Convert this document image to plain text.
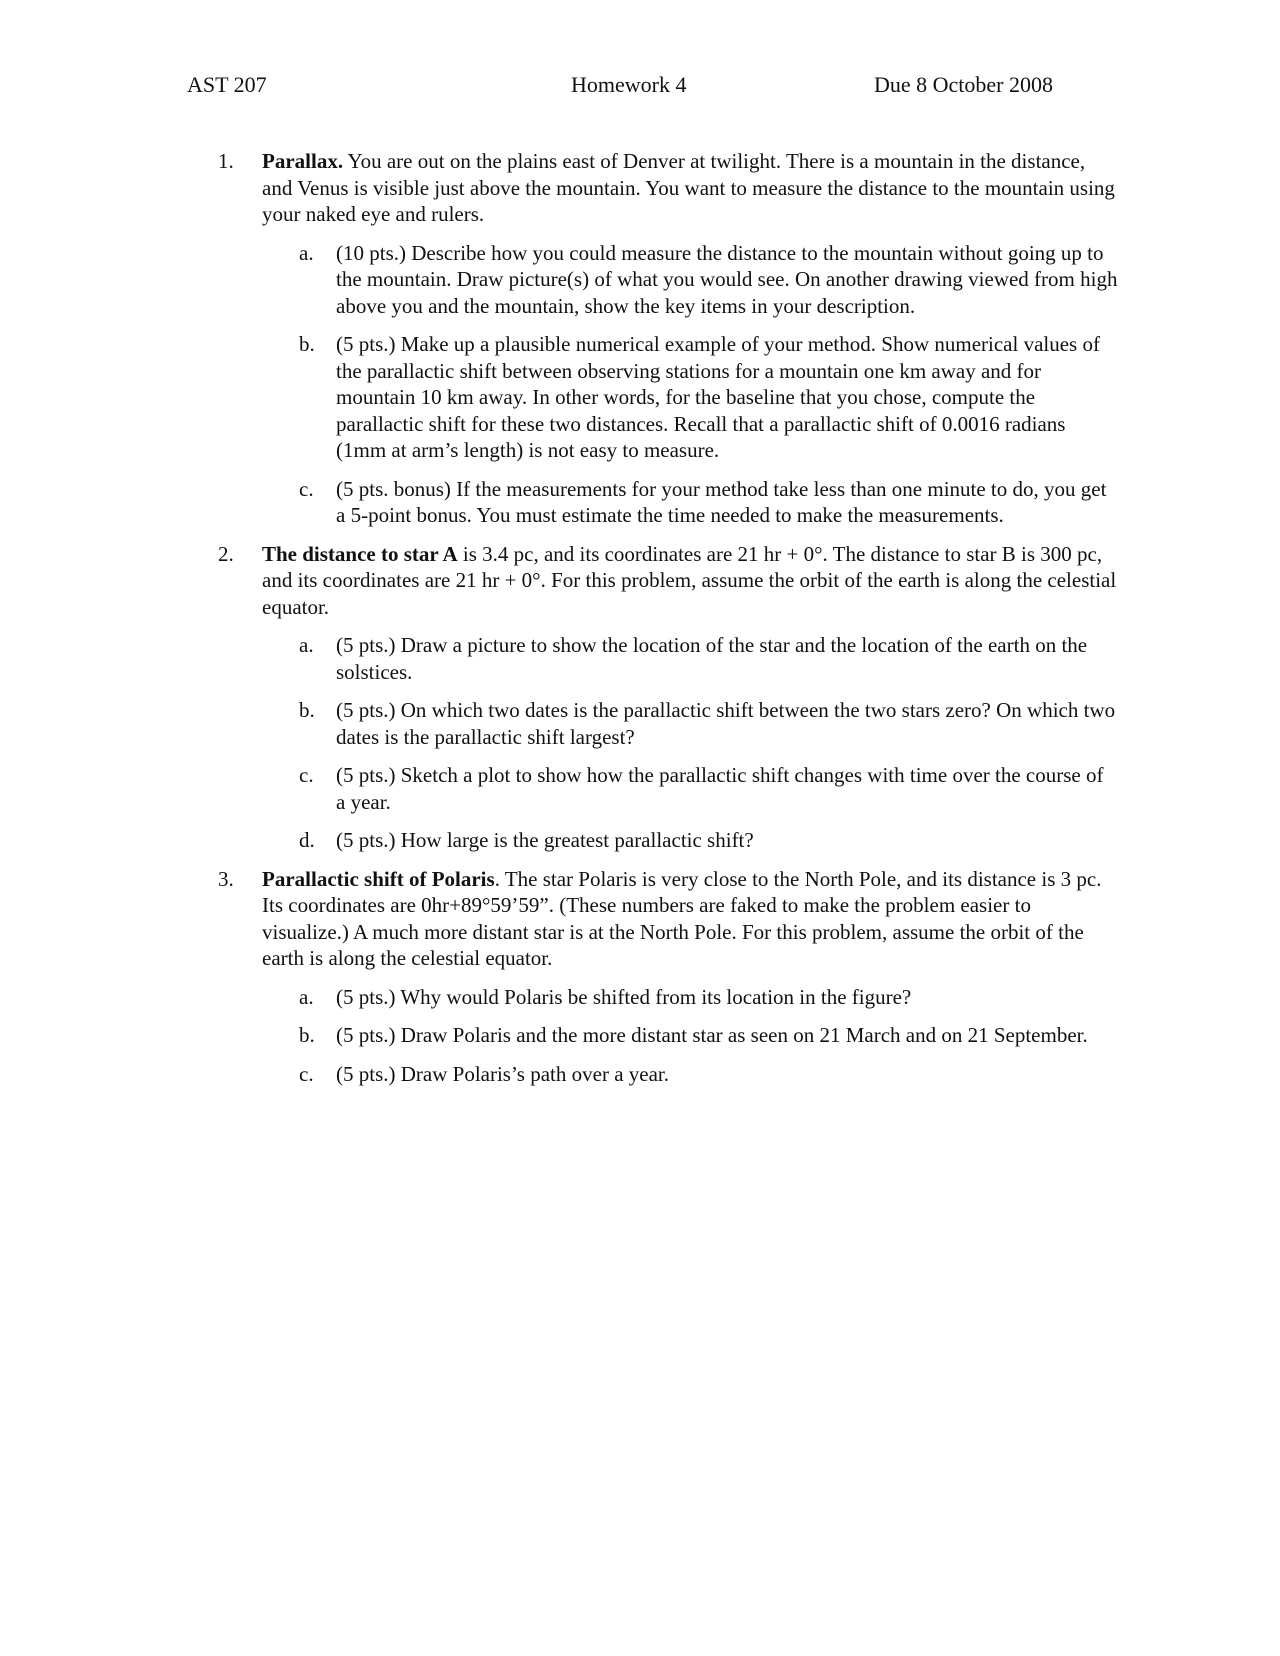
AST 207	Homework 4	Due 8 October 2008
1. Parallax. You are out on the plains east of Denver at twilight. There is a mountain in the distance, and Venus is visible just above the mountain. You want to measure the distance to the mountain using your naked eye and rulers.
a. (10 pts.) Describe how you could measure the distance to the mountain without going up to the mountain. Draw picture(s) of what you would see. On another drawing viewed from high above you and the mountain, show the key items in your description.
b. (5 pts.) Make up a plausible numerical example of your method. Show numerical values of the parallactic shift between observing stations for a mountain one km away and for mountain 10 km away. In other words, for the baseline that you chose, compute the parallactic shift for these two distances. Recall that a parallactic shift of 0.0016 radians (1mm at arm’s length) is not easy to measure.
c. (5 pts. bonus) If the measurements for your method take less than one minute to do, you get a 5-point bonus. You must estimate the time needed to make the measurements.
2. The distance to star A is 3.4 pc, and its coordinates are 21 hr + 0°. The distance to star B is 300 pc, and its coordinates are 21 hr + 0°. For this problem, assume the orbit of the earth is along the celestial equator.
a. (5 pts.) Draw a picture to show the location of the star and the location of the earth on the solstices.
b. (5 pts.) On which two dates is the parallactic shift between the two stars zero? On which two dates is the parallactic shift largest?
c. (5 pts.) Sketch a plot to show how the parallactic shift changes with time over the course of a year.
d. (5 pts.) How large is the greatest parallactic shift?
3. Parallactic shift of Polaris. The star Polaris is very close to the North Pole, and its distance is 3 pc. Its coordinates are 0hr+89°59’59”. (These numbers are faked to make the problem easier to visualize.) A much more distant star is at the North Pole. For this problem, assume the orbit of the earth is along the celestial equator.
a. (5 pts.) Why would Polaris be shifted from its location in the figure?
b. (5 pts.) Draw Polaris and the more distant star as seen on 21 March and on 21 September.
c. (5 pts.) Draw Polaris’s path over a year.
